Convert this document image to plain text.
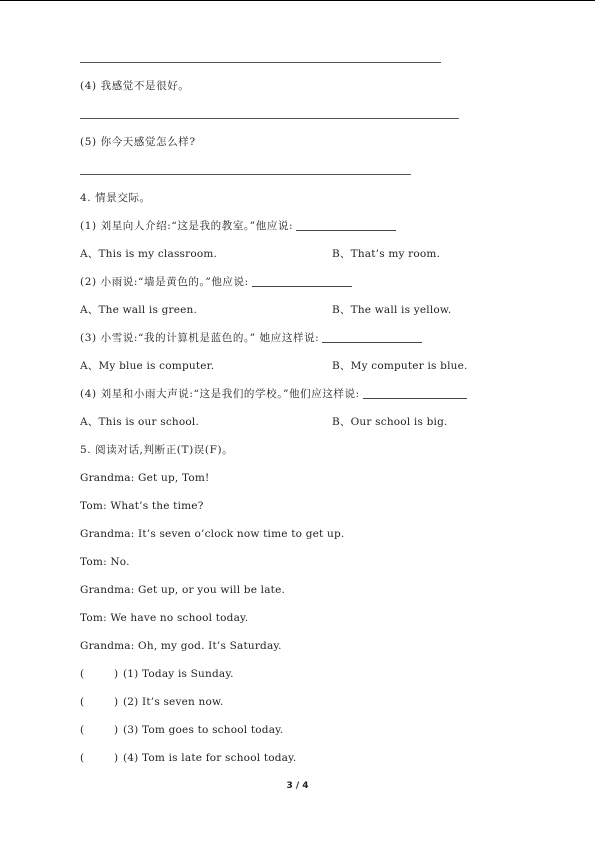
(4) 我感觉不是很好。
(5) 你今天感觉怎么样?
4. 情景交际。
(1) 刘星向人介绍:“这是我的教室。”他应说:
A、This is my classroom.	B、That’s my room.
(2) 小雨说:“墙是黄色的。”他应说:
A、The wall is green.	B、The wall is yellow.
(3) 小雪说:“我的计算机是蓝色的。” 她应这样说:
A、My blue is computer.	B、My computer is blue.
(4) 刘星和小雨大声说:“这是我们的学校。”他们应这样说:
A、This is our school.	B、Our school is big.
5. 阅读对话,判断正(T)误(F)。
Grandma: Get up, Tom!
Tom: What’s the time?
Grandma: It’s seven o’clock now time to get up.
Tom: No.
Grandma: Get up, or you will be late.
Tom: We have no school today.
Grandma: Oh, my god. It’s Saturday.
(	) (1) Today is Sunday.
(	) (2) It’s seven now.
(	) (3) Tom goes to school today.
(	) (4) Tom is late for school today.
3 / 4
